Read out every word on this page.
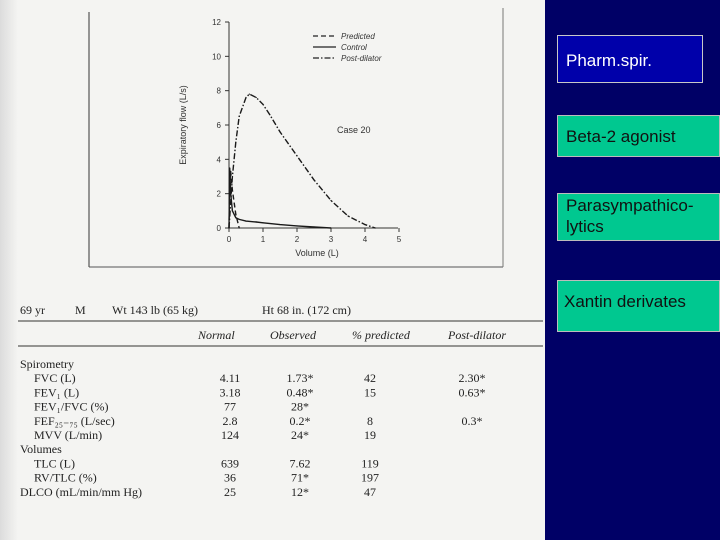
0
2
4
6
8
10
12
0	1	2	3	4	5
Expiratory flow (L/s)
Volume (L)
Case 20
Predicted
Control
Post-dilator
69 yr	M Wt 143 lb (65 kg)	Ht 68 in. (172 cm)
Normal	Observed	% predicted	Post-dilator
Spirometry
FVC (L)	4.11	1.73*	42	2.30*
FEV₁ (L)	3.18	0.48*	15	0.63*
FEV₁/FVC (%)	77	28*
FEF₂₅₋₇₅ (L/sec)	2.8	0.2*	8	0.3*
MVV (L/min)	124	24*	19
Volumes
TLC (L)	639	7.62	119
RV/TLC (%)	36	71*	197
DLCO (mL/min/mm Hg)	25	12*	47
Pharm.spir.
Beta-2 agonist
Parasympathico-
lytics
Xantin derivates
